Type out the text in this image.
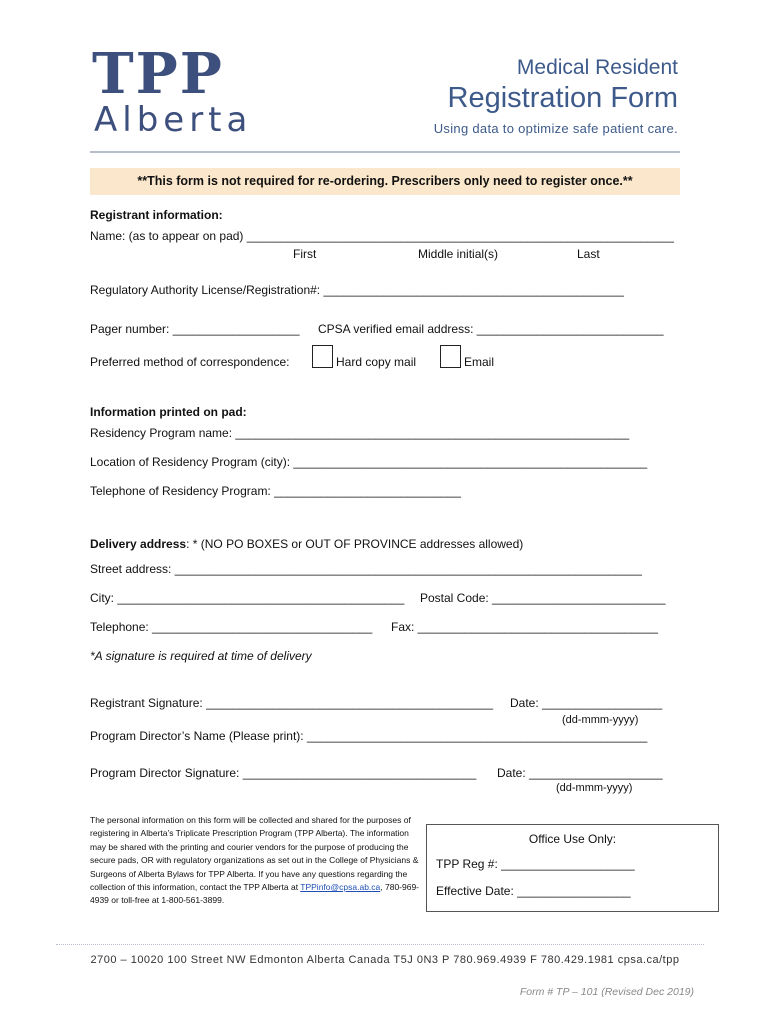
TPP
Alberta
Medical Resident
Registration Form
Using data to optimize safe patient care.
**This form is not required for re-ordering. Prescribers only need to register once.**
Registrant information:
Name: (as to appear on pad) ________________________________________________________________
First	Middle initial(s)	Last
Regulatory Authority License/Registration#: _____________________________________________
Pager number: ___________________ CPSA verified email address: ____________________________
Preferred method of correspondence:	Hard copy mail	Email
Information printed on pad:
Residency Program name: ___________________________________________________________
Location of Residency Program (city): _____________________________________________________
Telephone of Residency Program: ____________________________
Delivery address: * (NO PO BOXES or OUT OF PROVINCE addresses allowed)
Street address: ______________________________________________________________________
City: ___________________________________________ Postal Code: __________________________
Telephone: _________________________________ Fax: ____________________________________
*A signature is required at time of delivery
Registrant Signature: ___________________________________________ Date: __________________
(dd-mmm-yyyy)
Program Director’s Name (Please print): ___________________________________________________
Program Director Signature: ___________________________________ Date: ____________________
(dd-mmm-yyyy)
The personal information on this form will be collected and shared for the purposes of registering in Alberta’s Triplicate Prescription Program (TPP Alberta). The information may be shared with the printing and courier vendors for the purpose of producing the secure pads, OR with regulatory organizations as set out in the College of Physicians & Surgeons of Alberta Bylaws for TPP Alberta. If you have any questions regarding the collection of this information, contact the TPP Alberta at TPPinfo@cpsa.ab.ca, 780-969-4939 or toll-free at 1-800-561-3899.
Office Use Only:
TPP Reg #: ____________________
Effective Date: _________________
2700 – 10020 100 Street NW Edmonton Alberta Canada T5J 0N3 P 780.969.4939 F 780.429.1981 cpsa.ca/tpp
Form # TP – 101 (Revised Dec 2019)
